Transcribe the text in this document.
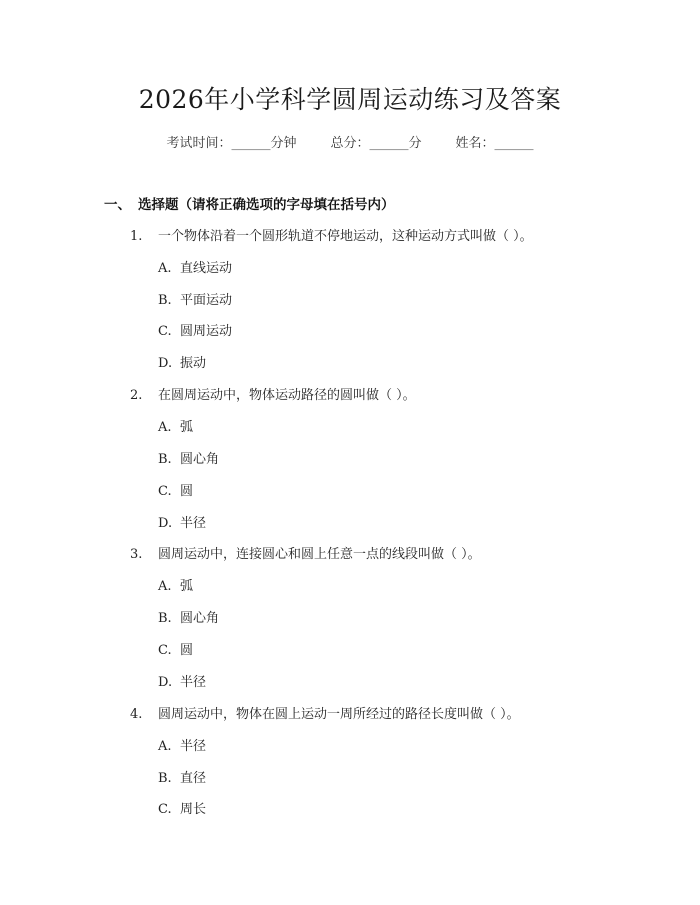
2026年小学科学圆周运动练习及答案
考试时间：______分钟	总分：______分	姓名：______
一、 选择题（请将正确选项的字母填在括号内）
1. 一个物体沿着一个圆形轨道不停地运动，这种运动方式叫做（ ）。
A. 直线运动
B. 平面运动
C. 圆周运动
D. 振动
2. 在圆周运动中，物体运动路径的圆叫做（ ）。
A. 弧
B. 圆心角
C. 圆
D. 半径
3. 圆周运动中，连接圆心和圆上任意一点的线段叫做（ ）。
A. 弧
B. 圆心角
C. 圆
D. 半径
4. 圆周运动中，物体在圆上运动一周所经过的路径长度叫做（ ）。
A. 半径
B. 直径
C. 周长
